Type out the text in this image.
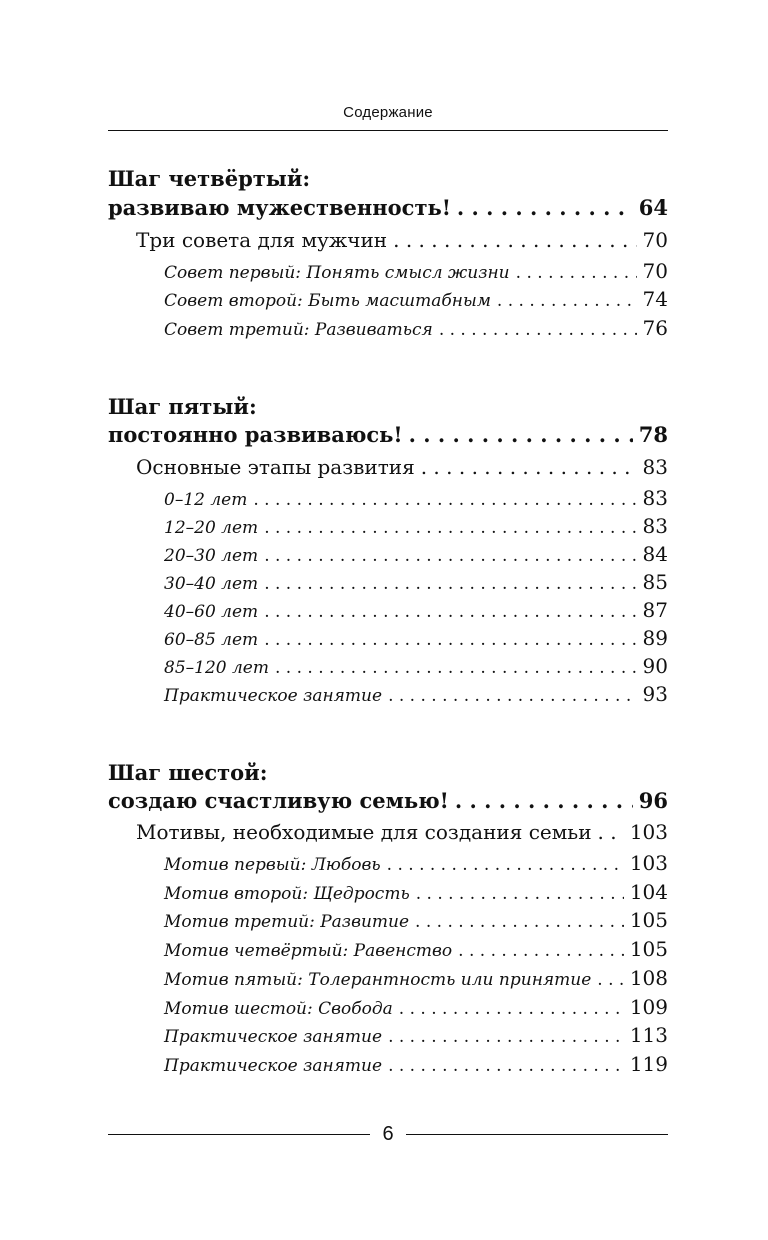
Содержание
Шаг четвёртый:
развиваю мужественность! . . .	64
Три совета для мужчин . . .	70
Совет первый: Понять смысл жизни . . .	70
Совет второй: Быть масштабным . . .	74
Совет третий: Развиваться . . .	76
Шаг пятый:
постоянно развиваюсь! . . .	78
Основные этапы развития . . .	83
0–12 лет . . .	83
12–20 лет . . .	83
20–30 лет . . .	84
30–40 лет . . .	85
40–60 лет . . .	87
60–85 лет . . .	89
85–120 лет . . .	90
Практическое занятие . . .	93
Шаг шестой:
создаю счастливую семью! . . .	96
Мотивы, необходимые для создания семьи . . . 103
Мотив первый: Любовь . . .	103
Мотив второй: Щедрость . . .	104
Мотив третий: Развитие . . .	105
Мотив четвёртый: Равенство . . .	105
Мотив пятый: Толерантность или принятие . . . 108
Мотив шестой: Свобода . . .	109
Практическое занятие . . .	113
Практическое занятие . . .	119
6
